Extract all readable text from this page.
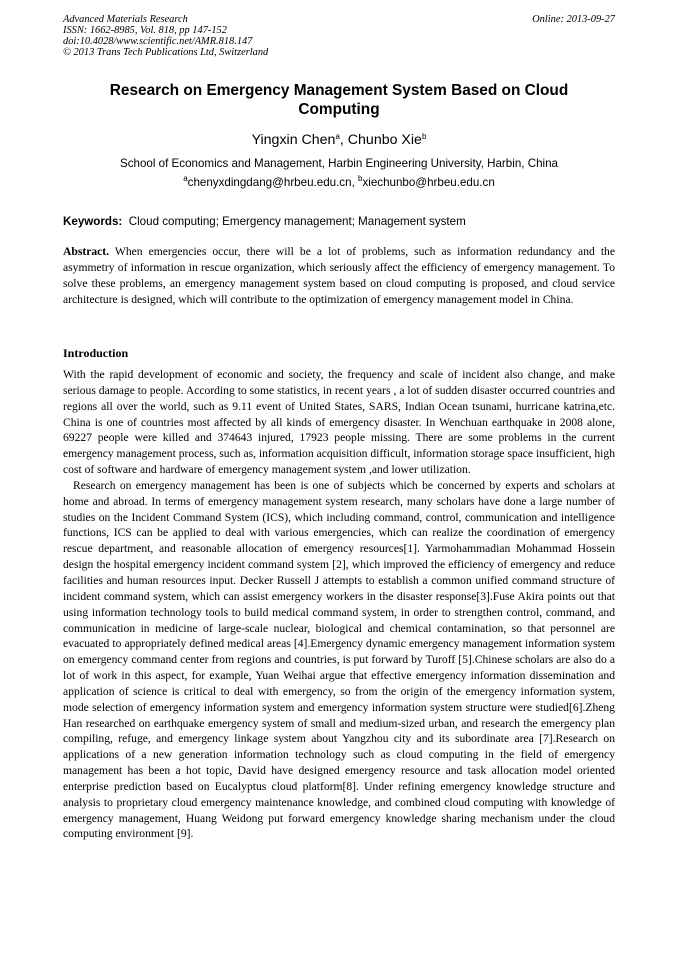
Advanced Materials Research
ISSN: 1662-8985, Vol. 818, pp 147-152
doi:10.4028/www.scientific.net/AMR.818.147
© 2013 Trans Tech Publications Ltd, Switzerland
Online: 2013-09-27
Research on Emergency Management System Based on Cloud Computing
Yingxin Chen$^a$, Chunbo Xie$^b$
School of Economics and Management, Harbin Engineering University, Harbin, China
$^a$chenyxdingdang@hrbeu.edu.cn, $^b$xiechunbo@hrbeu.edu.cn
Keywords: Cloud computing; Emergency management; Management system

Abstract. When emergencies occur, there will be a lot of problems, such as information redundancy and the asymmetry of information in rescue organization, which seriously affect the efficiency of emergency management. To solve these problems, an emergency management system based on cloud computing is proposed, and cloud service architecture is designed, which will contribute to the optimization of emergency management model in China.

Introduction

With the rapid development of economic and society, the frequency and scale of incident also change, and make serious damage to people. According to some statistics, in recent years , a lot of sudden disaster occurred countries and regions all over the world, such as 9.11 event of United States, SARS, Indian Ocean tsunami, hurricane katrina,etc. China is one of countries most affected by all kinds of emergency disaster. In Wenchuan earthquake in 2008 alone, 69227 people were killed and 374643 injured, 17923 people missing. There are some problems in the current emergency management process, such as, information acquisition difficult, information storage space insufficient, high cost of software and hardware of emergency management system ,and lower utilization.

Research on emergency management has been is one of subjects which be concerned by experts and scholars at home and abroad. In terms of emergency management system research, many scholars have done a large number of studies on the Incident Command System (ICS), which including command, control, communication and intelligence functions, ICS can be applied to deal with various emergencies, which can realize the coordination of emergency rescue department, and reasonable allocation of emergency resources[1]. Yarmohammadian Mohammad Hossein design the hospital emergency incident command system [2], which improved the efficiency of emergency and reduce facilities and human resources input. Decker Russell J attempts to establish a common unified command structure of incident command system, which can assist emergency workers in the disaster response[3].Fuse Akira points out that using information technology tools to build medical command system, in order to strengthen control, command, and communication in medicine of large-scale nuclear, biological and chemical contamination, so that personnel are evacuated to appropriately defined medical areas [4].Emergency dynamic emergency management information system on emergency command center from regions and countries, is put forward by Turoff [5].Chinese scholars are also do a lot of work in this aspect, for example, Yuan Weihai argue that effective emergency information dissemination and application of science is critical to deal with emergency, so from the origin of the emergency information system, mode selection of emergency information system and emergency information system structure were studied[6].Zheng Han researched on earthquake emergency system of small and medium-sized urban, and research the emergency plan compiling, refuge, and emergency linkage system about Yangzhou city and its subordinate area [7].Research on applications of a new generation information technology such as cloud computing in the field of emergency management has been a hot topic, David have designed emergency resource and task allocation model oriented enterprise prediction based on Eucalyptus cloud platform[8]. Under refining emergency knowledge structure and analysis to proprietary cloud emergency maintenance knowledge, and combined cloud computing with knowledge of emergency management, Huang Weidong put forward emergency knowledge sharing mechanism under the cloud computing environment [9].
